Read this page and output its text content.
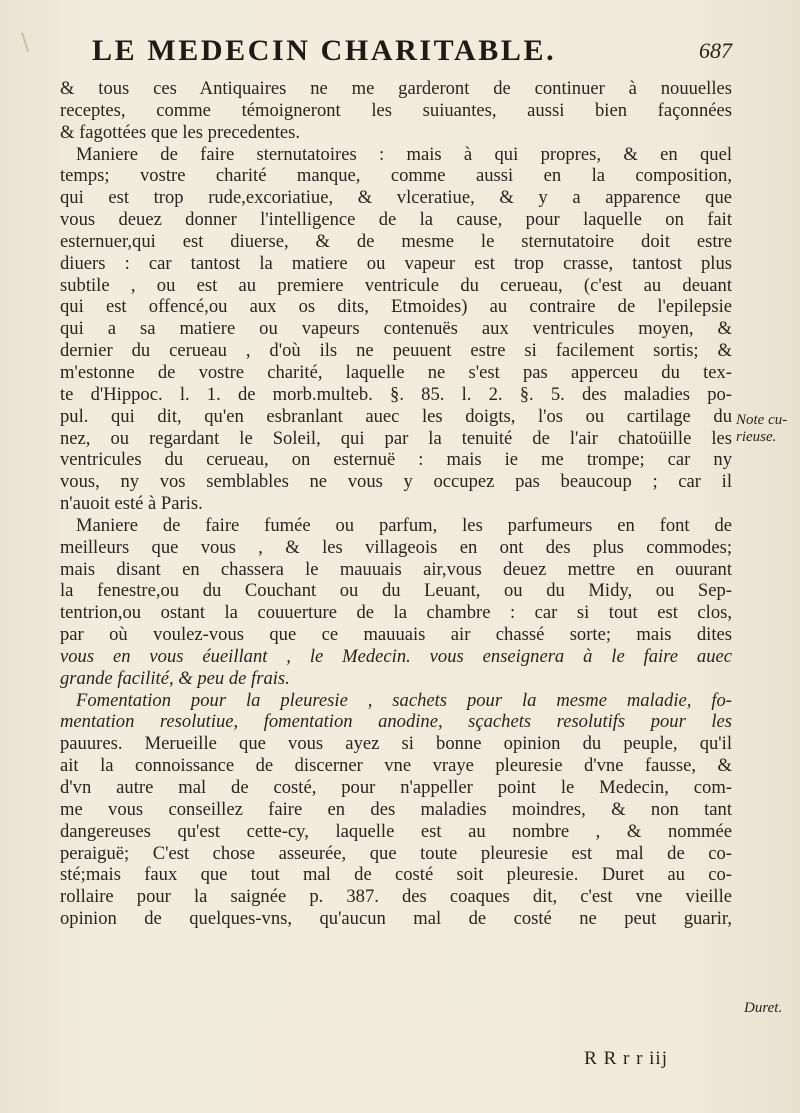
LE MEDECIN CHARITABLE.	687
& tous ces Antiquaires ne me garderont de continuer à nouuelles
receptes, comme témoigneront les suiuantes, aussi bien façonnées
& fagottées que les precedentes.
Maniere de faire sternutatoires : mais à qui propres, & en quel
temps; vostre charité manque, comme aussi en la composition,
qui est trop rude,excoriatiue, & vlceratiue, & y a apparence que
vous deuez donner l'intelligence de la cause, pour laquelle on fait
esternuer,qui est diuerse, & de mesme le sternutatoire doit estre
diuers : car tantost la matiere ou vapeur est trop crasse, tantost plus
subtile , ou est au premiere ventricule du cerueau, (c'est au deuant
qui est offencé,ou aux os dits, Etmoides) au contraire de l'epilepsie
qui a sa matiere ou vapeurs contenuës aux ventricules moyen, &
dernier du cerueau , d'où ils ne peuuent estre si facilement sortis; &
m'estonne de vostre charité, laquelle ne s'est pas apperceu du tex-
te d'Hippoc. l. 1. de morb.multeb. §. 85. l. 2. §. 5. des maladies po-
pul. qui dit, qu'en esbranlant auec les doigts, l'os ou cartilage du
nez, ou regardant le Soleil, qui par la tenuité de l'air chatoüille les
ventricules du cerueau, on esternuë : mais ie me trompe; car ny
vous, ny vos semblables ne vous y occupez pas beaucoup ; car il
n'auoit esté à Paris.
Maniere de faire fumée ou parfum, les parfumeurs en font de
meilleurs que vous , & les villageois en ont des plus commodes;
mais disant en chassera le mauuais air,vous deuez mettre en ouurant
la fenestre,ou du Couchant ou du Leuant, ou du Midy, ou Sep-
tentrion,ou ostant la couuerture de la chambre : car si tout est clos,
par où voulez-vous que ce mauuais air chassé sorte; mais dites
vous en vous éueillant , le Medecin. vous enseignera à le faire auec
grande facilité, & peu de frais.
Fomentation pour la pleuresie , sachets pour la mesme maladie, fo-
mentation resolutiue, fomentation anodine, sçachets resolutifs pour les
pauures. Merueille que vous ayez si bonne opinion du peuple, qu'il
ait la connoissance de discerner vne vraye pleuresie d'vne fausse, &
d'vn autre mal de costé, pour n'appeller point le Medecin, com-
me vous conseillez faire en des maladies moindres, & non tant
dangereuses qu'est cette-cy, laquelle est au nombre , & nommée
peraiguë; C'est chose asseurée, que toute pleuresie est mal de co-
sté;mais faux que tout mal de costé soit pleuresie. Duret au co-
rollaire pour la saignée p. 387. des coaques dit, c'est vne vieille
opinion de quelques-vns, qu'aucun mal de costé ne peut guarir,
Note cu-rieuse.
Duret.
R R r r iij
